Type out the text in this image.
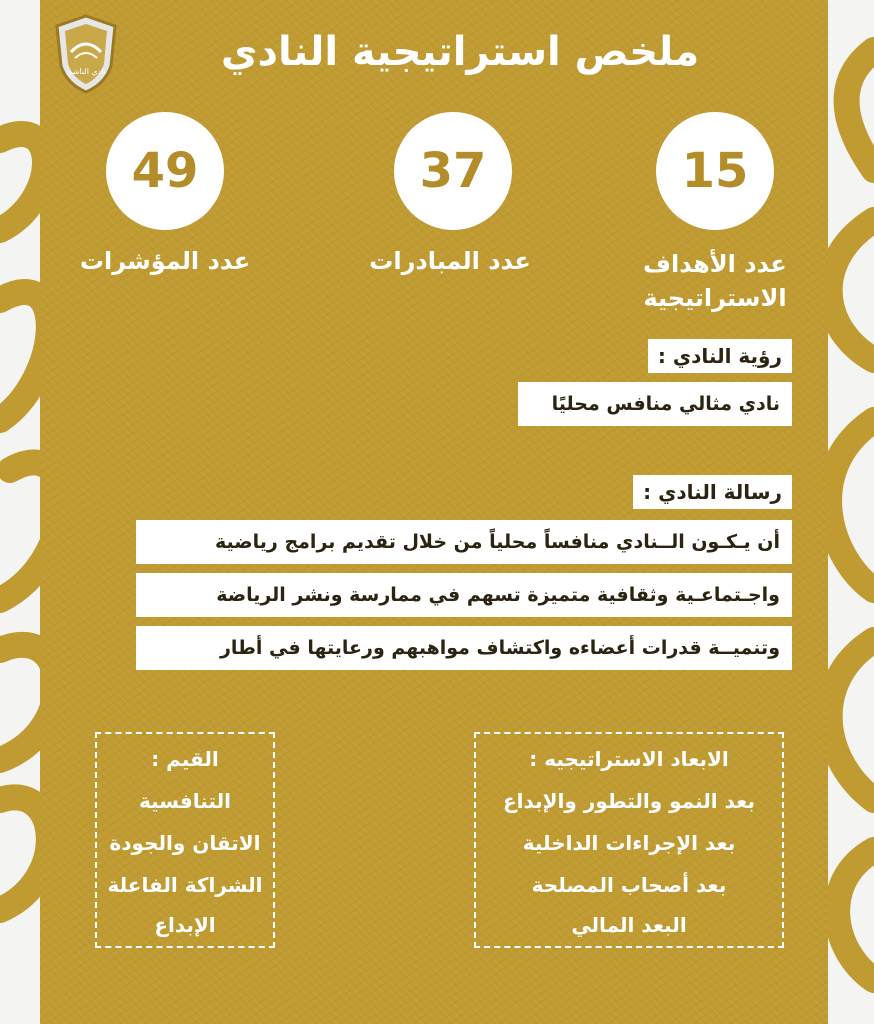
نادي الناشئ	ملخص استراتيجية النادي
15
عدد الأهداف
الاستراتيجية
37
عدد المبادرات
49
عدد المؤشرات
رؤية النادي :
نادي مثالي منافس محليًا
رسالة النادي :
أن يـكـون الــنادي منافساً محلياً من خلال تقديم برامج رياضية
واجـتماعـية وثقافية متميزة تسهم في ممارسة ونشر الرياضة
وتنميــة قدرات أعضاءه واكتشاف مواهبهم ورعايتها في أطار
الابعاد الاستراتيجيه :
بعد النمو والتطور والإبداع
بعد الإجراءات الداخلية
بعد أصحاب المصلحة
البعد المالي
القيم :
التنافسية
الاتقان والجودة
الشراكة الفاعلة
الإبداع
